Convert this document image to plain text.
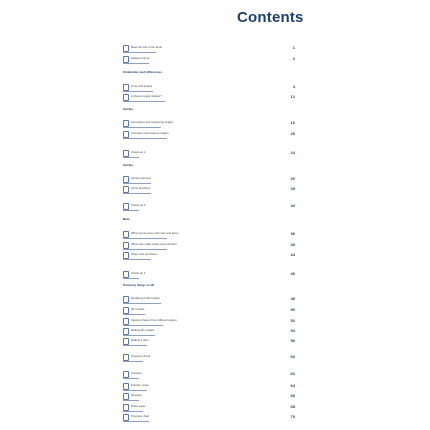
Contents
Meet the star of the book	1
Shapes and us	2
Similarities and differences
Lines and angles	4
Is that an angle rotation?	12
Circles
Comparing and measuring angles	16
Compare and measure angles	20
Check-up 1	24
Circles
Circles and arcs	26
Circle and lines	29
Check-up 2	34
Nets
What can be done with nets and faces	36
What nets make cubes and cuboids?	40
Other nets and faces	44
Check-up 3	46
Picturing things in 3D
Models and 3D models	48
3D models	50
Viewing shapes from different angles	52
Making 3D models	54
Making a plan	56
Progress check	60
Answers	62
Practice notes	64
Glossary	66
Notes page	68
Progress chart	70
